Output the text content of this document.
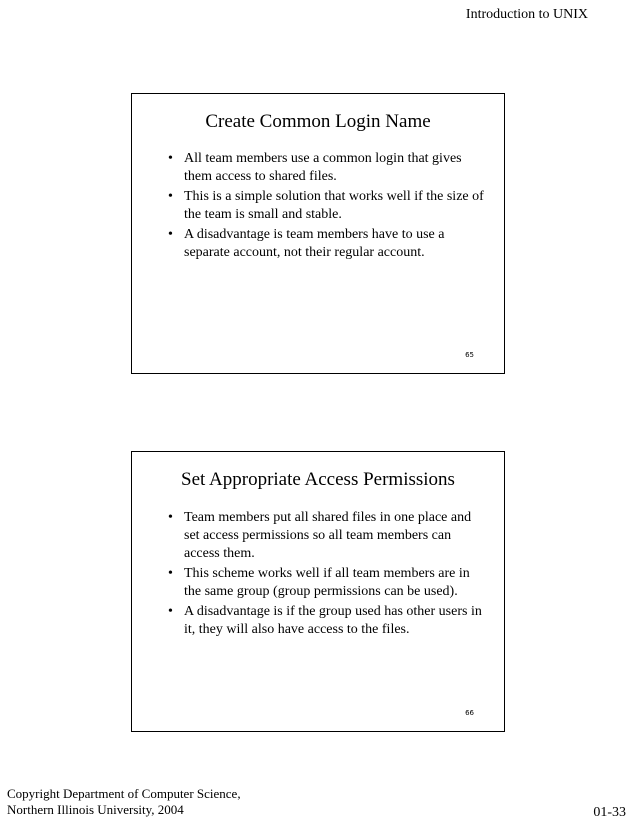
Introduction to UNIX
Create Common Login Name
• All team members use a common login that gives them access to shared files.
• This is a simple solution that works well if the size of the team is small and stable.
• A disadvantage is team members have to use a separate account, not their regular account.
65
Set Appropriate Access Permissions
• Team members put all shared files in one place and set access permissions so all team members can access them.
• This scheme works well if all team members are in the same group (group permissions can be used).
• A disadvantage is if the group used has other users in it, they will also have access to the files.
66
Copyright Department of Computer Science,
Northern Illinois University, 2004	01-33
